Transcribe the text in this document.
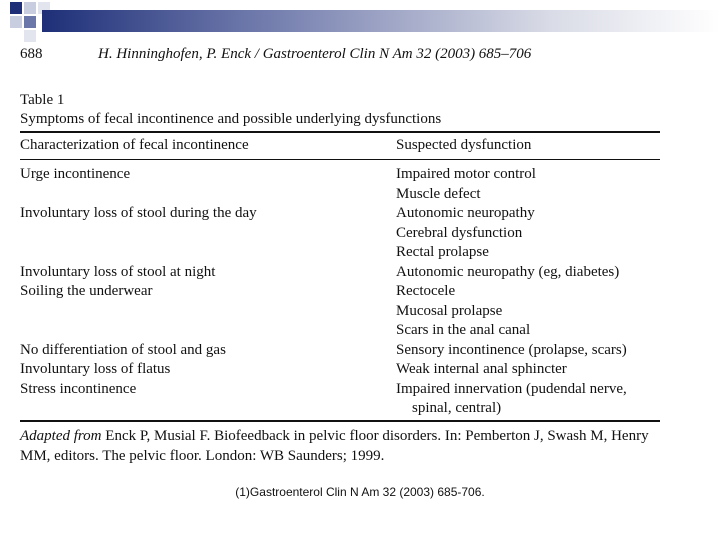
688	H. Hinninghofen, P. Enck / Gastroenterol Clin N Am 32 (2003) 685–706
Table 1
Symptoms of fecal incontinence and possible underlying dysfunctions
Characterization of fecal incontinence	Suspected dysfunction
Urge incontinence	Impaired motor control
Muscle defect
Involuntary loss of stool during the day	Autonomic neuropathy
Cerebral dysfunction
Rectal prolapse
Involuntary loss of stool at night	Autonomic neuropathy (eg, diabetes)
Soiling the underwear	Rectocele
Mucosal prolapse
Scars in the anal canal
No differentiation of stool and gas	Sensory incontinence (prolapse, scars)
Involuntary loss of flatus	Weak internal anal sphincter
Stress incontinence	Impaired innervation (pudendal nerve,
spinal, central)
Adapted from Enck P, Musial F. Biofeedback in pelvic floor disorders. In: Pemberton J, Swash M, Henry MM, editors. The pelvic floor. London: WB Saunders; 1999.
(1)Gastroenterol Clin N Am 32 (2003) 685-706.
